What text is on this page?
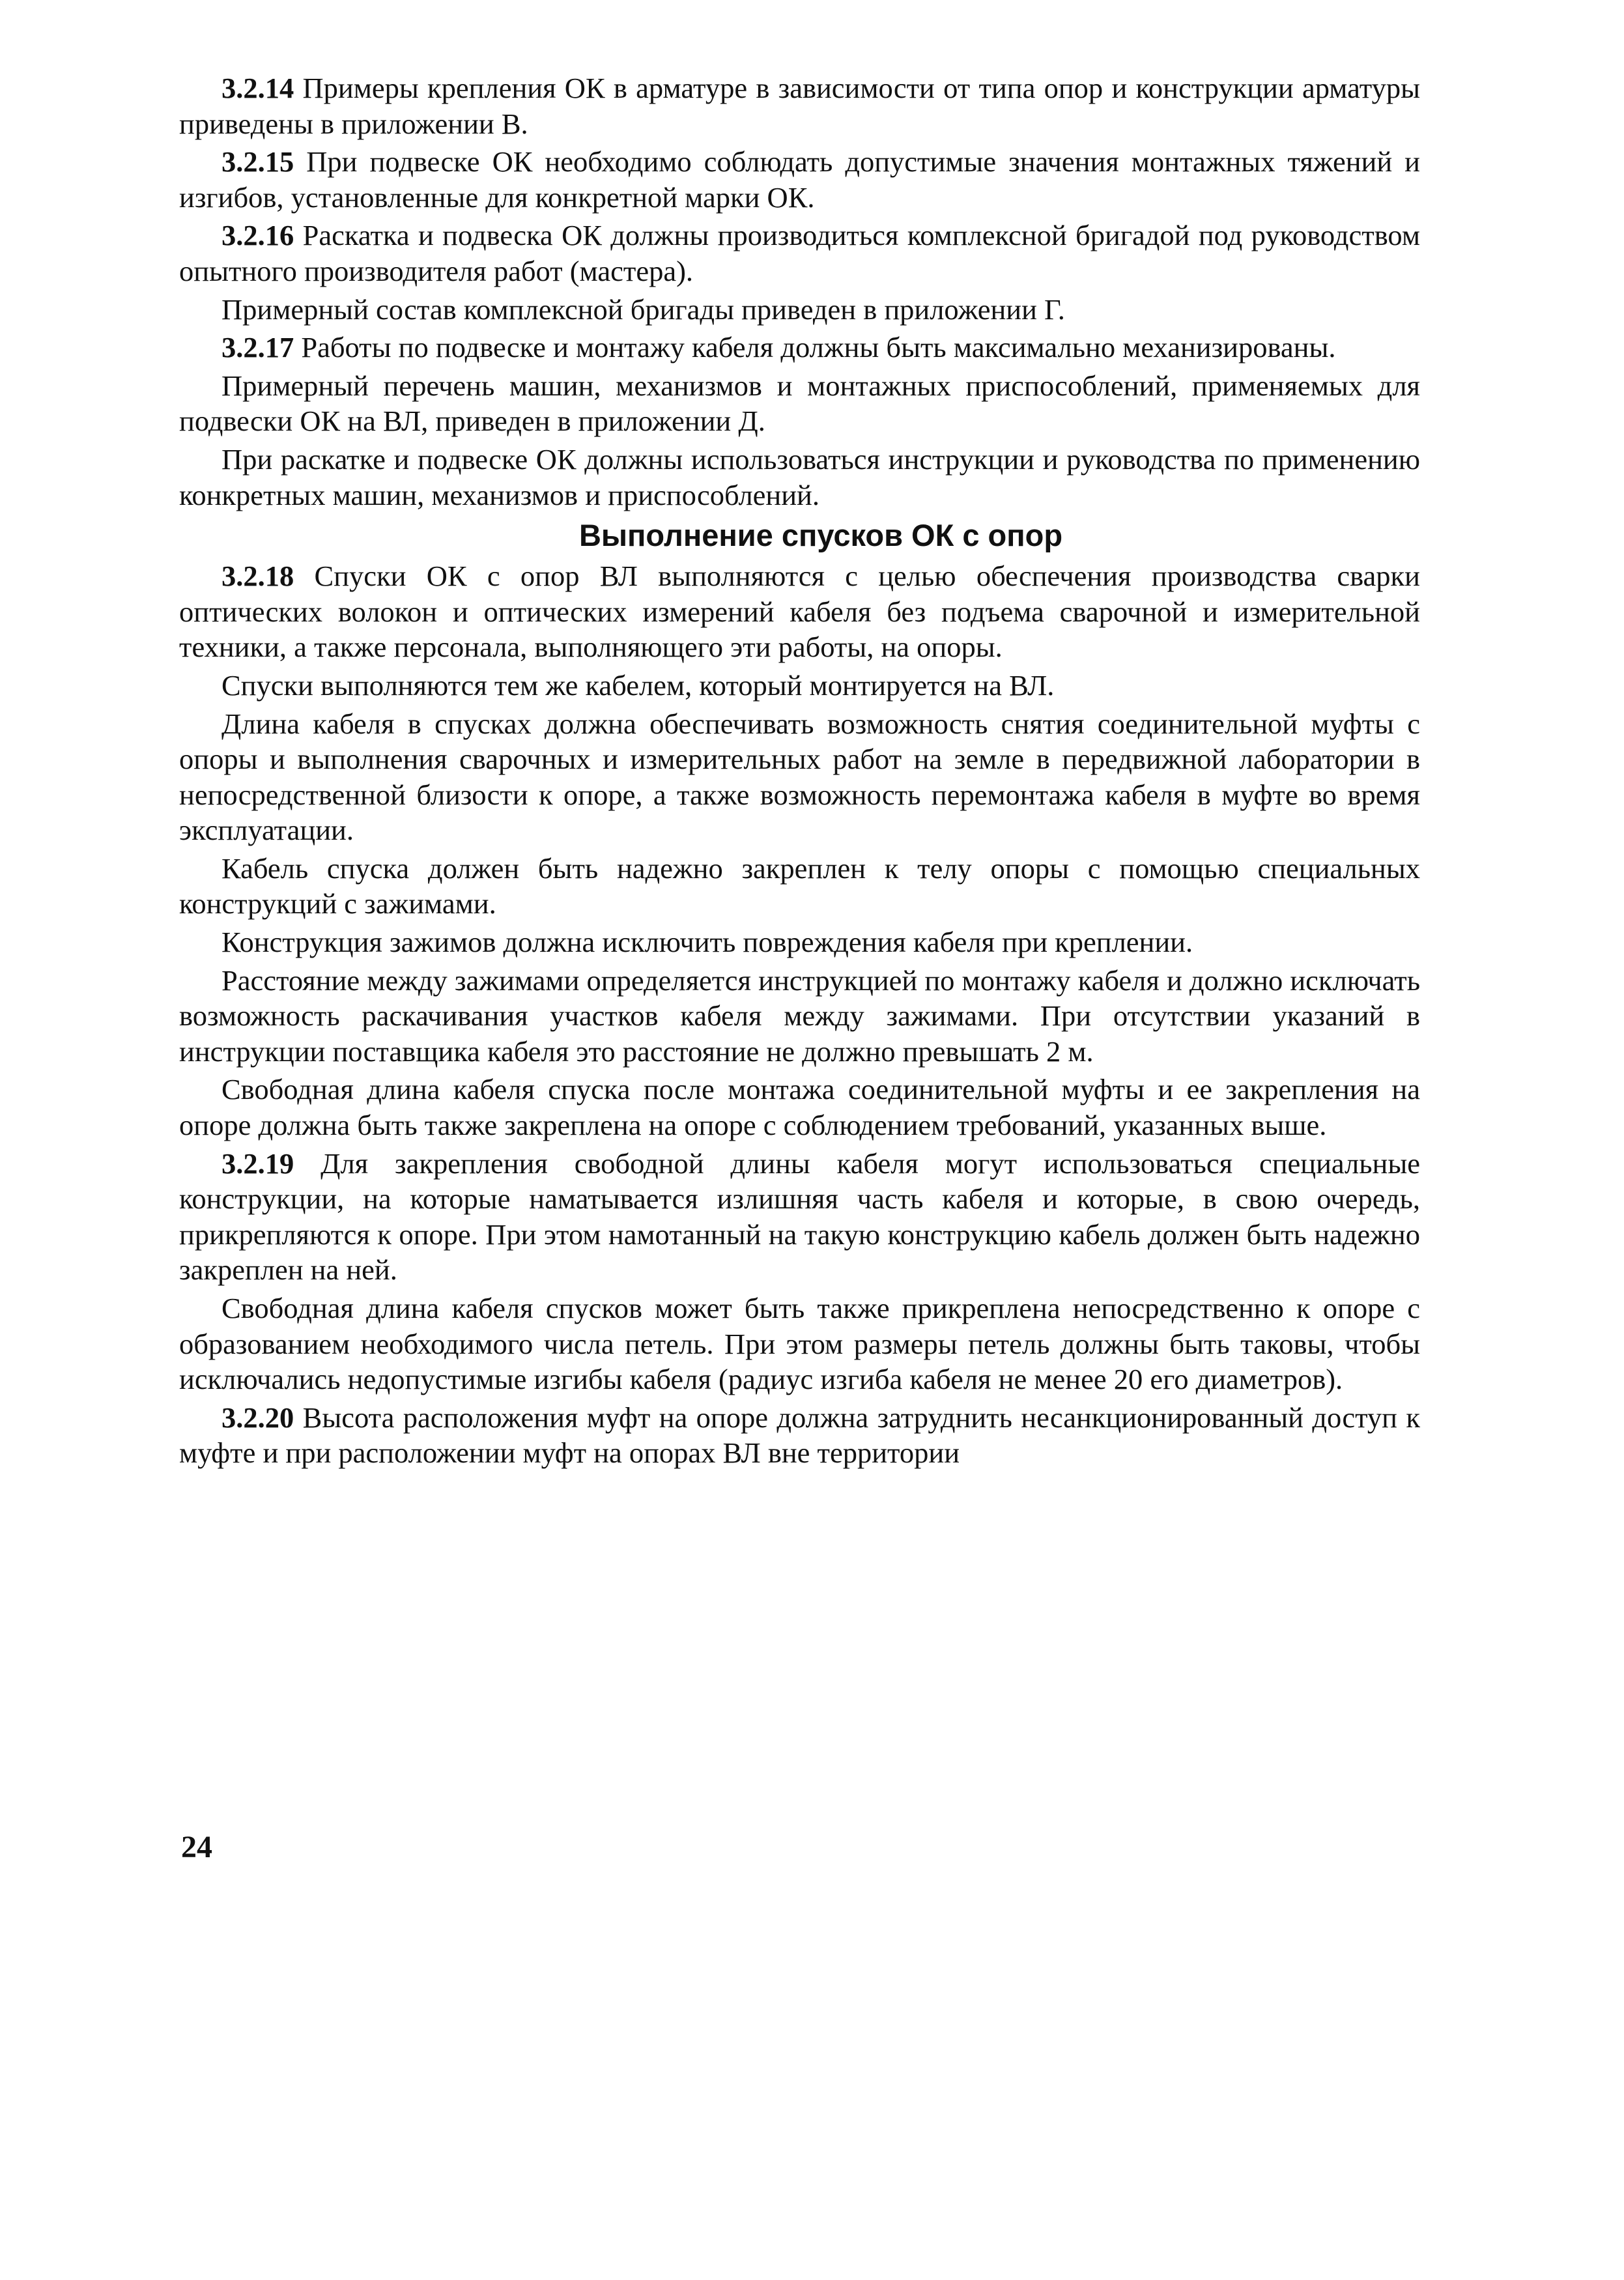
3.2.14 Примеры крепления ОК в арматуре в зависимости от типа опор и конструкции арматуры приведены в приложении В.

3.2.15 При подвеске ОК необходимо соблюдать допустимые значения монтажных тяжений и изгибов, установленные для конкретной марки ОК.

3.2.16 Раскатка и подвеска ОК должны производиться комплексной бригадой под руководством опытного производителя работ (мастера).

Примерный состав комплексной бригады приведен в приложении Г.

3.2.17 Работы по подвеске и монтажу кабеля должны быть максимально механизированы.

Примерный перечень машин, механизмов и монтажных приспособлений, применяемых для подвески ОК на ВЛ, приведен в приложении Д.

При раскатке и подвеске ОК должны использоваться инструкции и руководства по применению конкретных машин, механизмов и приспособлений.

Выполнение спусков ОК с опор

3.2.18 Спуски ОК с опор ВЛ выполняются с целью обеспечения производства сварки оптических волокон и оптических измерений кабеля без подъема сварочной и измерительной техники, а также персонала, выполняющего эти работы, на опоры.

Спуски выполняются тем же кабелем, который монтируется на ВЛ.

Длина кабеля в спусках должна обеспечивать возможность снятия соединительной муфты с опоры и выполнения сварочных и измерительных работ на земле в передвижной лаборатории в непосредственной близости к опоре, а также возможность перемонтажа кабеля в муфте во время эксплуатации.

Кабель спуска должен быть надежно закреплен к телу опоры с помощью специальных конструкций с зажимами.

Конструкция зажимов должна исключить повреждения кабеля при креплении.

Расстояние между зажимами определяется инструкцией по монтажу кабеля и должно исключать возможность раскачивания участков кабеля между зажимами. При отсутствии указаний в инструкции поставщика кабеля это расстояние не должно превышать 2 м.

Свободная длина кабеля спуска после монтажа соединительной муфты и ее закрепления на опоре должна быть также закреплена на опоре с соблюдением требований, указанных выше.

3.2.19 Для закрепления свободной длины кабеля могут использоваться специальные конструкции, на которые наматывается излишняя часть кабеля и которые, в свою очередь, прикрепляются к опоре. При этом намотанный на такую конструкцию кабель должен быть надежно закреплен на ней.

Свободная длина кабеля спусков может быть также прикреплена непосредственно к опоре с образованием необходимого числа петель. При этом размеры петель должны быть таковы, чтобы исключались недопустимые изгибы кабеля (радиус изгиба кабеля не менее 20 его диаметров).

3.2.20 Высота расположения муфт на опоре должна затруднить несанкционированный доступ к муфте и при расположении муфт на опорах ВЛ вне территории

24
